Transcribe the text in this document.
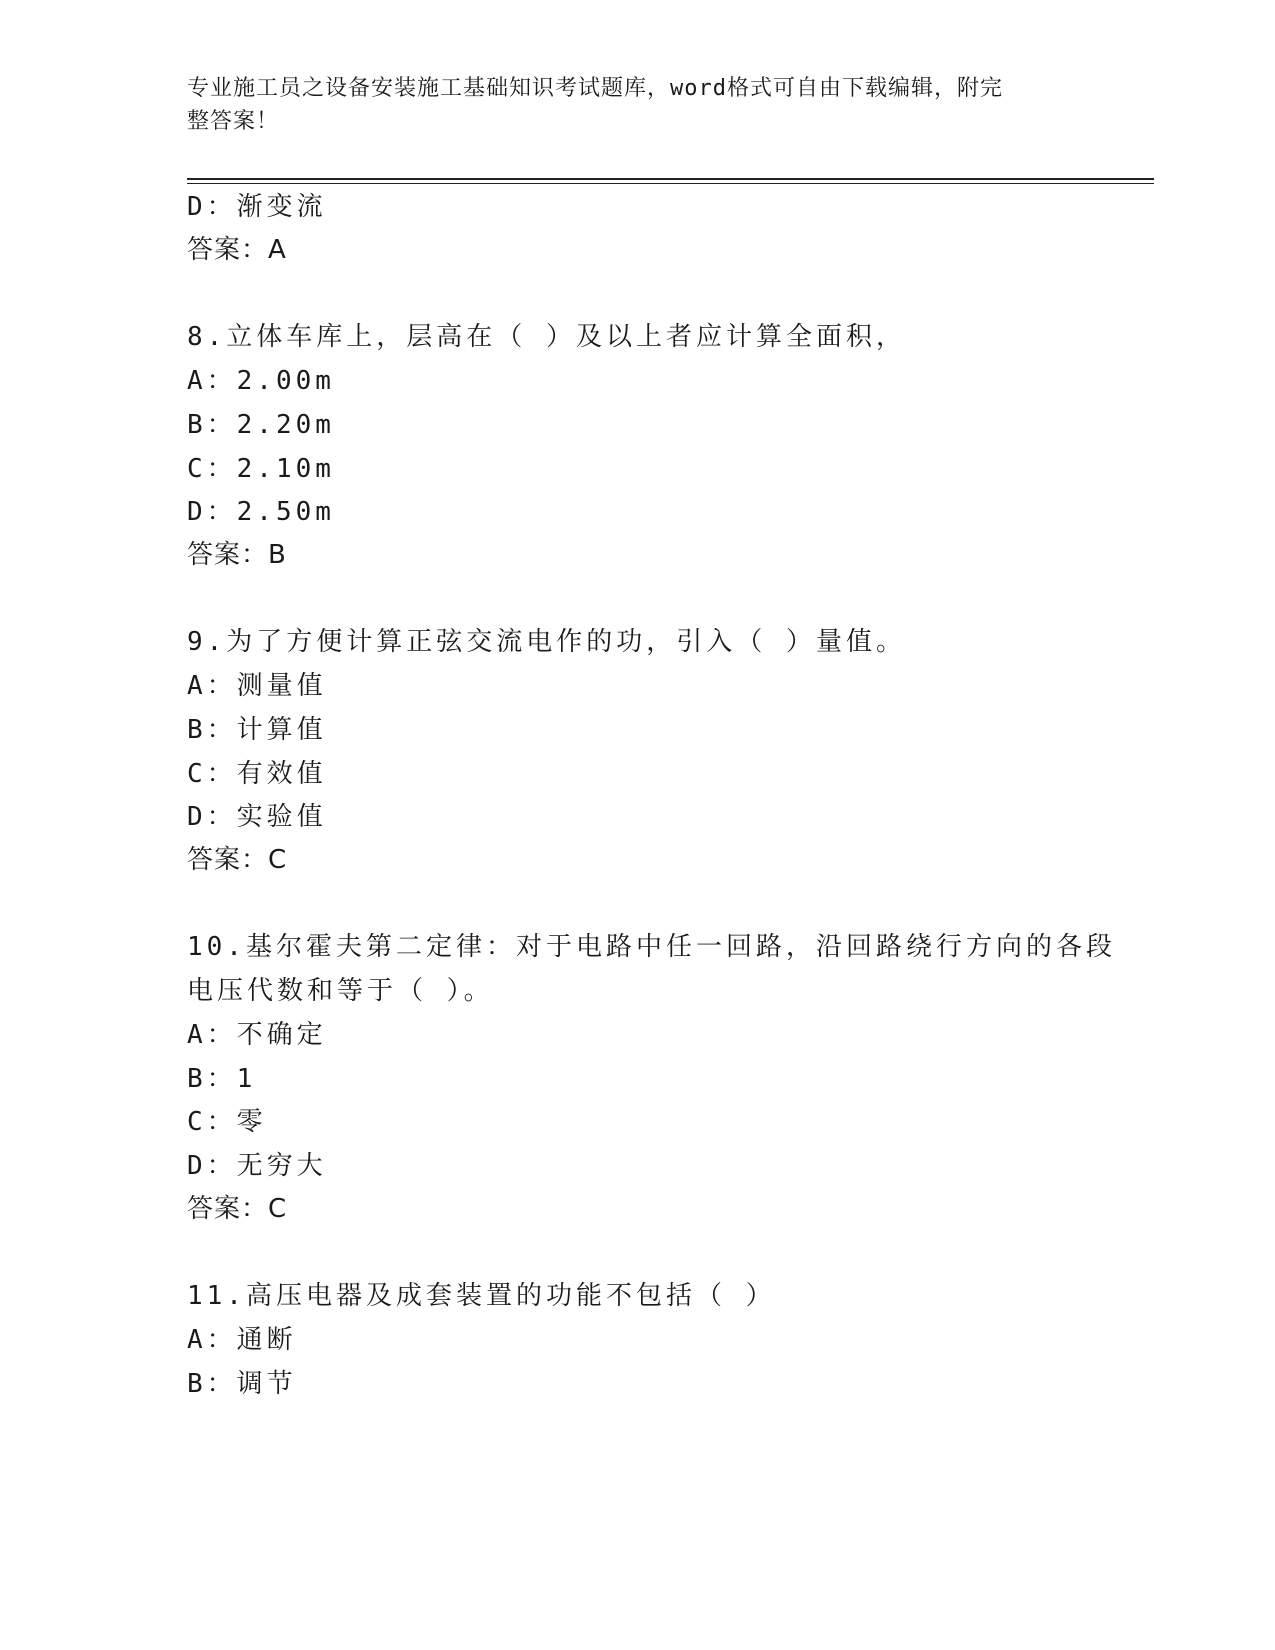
专业施工员之设备安装施工基础知识考试题库，word格式可自由下载编辑，附完
整答案！
D：渐变流
答案：A
8.立体车库上，层高在（ ）及以上者应计算全面积，
A：2.00m
B：2.20m
C：2.10m
D：2.50m
答案：B
9.为了方便计算正弦交流电作的功，引入（ ）量值。
A：测量值
B：计算值
C：有效值
D：实验值
答案：C
10.基尔霍夫第二定律：对于电路中任一回路，沿回路绕行方向的各段
电压代数和等于（ ）。
A：不确定
B：1
C：零
D：无穷大
答案：C
11.高压电器及成套装置的功能不包括（ ）
A：通断
B：调节
